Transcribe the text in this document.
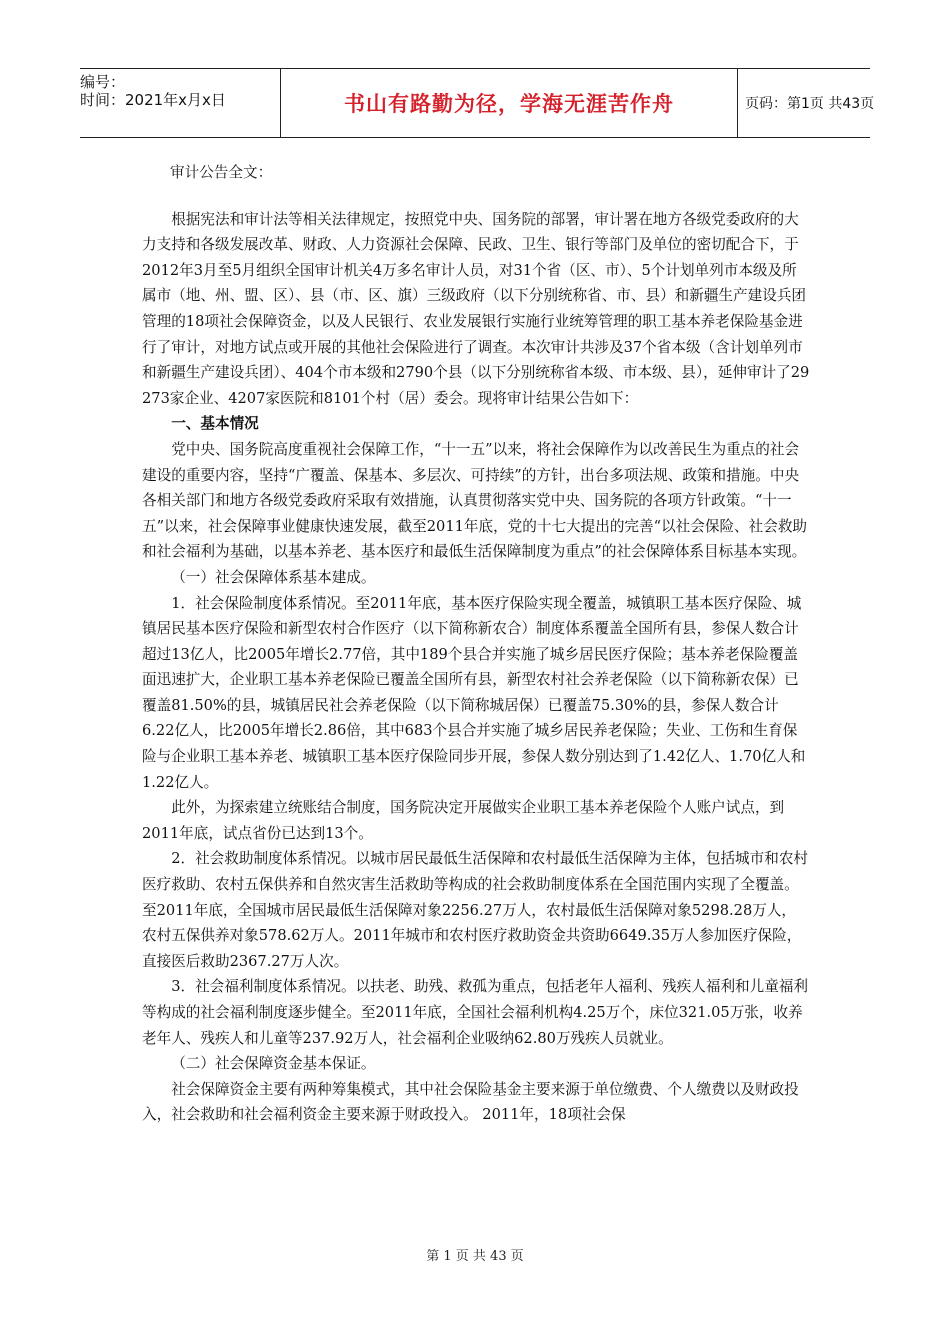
编号：
时间：2021年x月x日	书山有路勤为径，学海无涯苦作舟	页码：第1页 共43页

审计公告全文：

根据宪法和审计法等相关法律规定，按照党中央、国务院的部署，审计署在地方各级党委政府的大力支持和各级发展改革、财政、人力资源社会保障、民政、卫生、银行等部门及单位的密切配合下，于2012年3月至5月组织全国审计机关4万多名审计人员，对31个省（区、市）、5个计划单列市本级及所属市（地、州、盟、区）、县（市、区、旗）三级政府（以下分别统称省、市、县）和新疆生产建设兵团管理的18项社会保障资金，以及人民银行、农业发展银行实施行业统筹管理的职工基本养老保险基金进行了审计，对地方试点或开展的其他社会保险进行了调查。本次审计共涉及37个省本级（含计划单列市和新疆生产建设兵团）、404个市本级和2790个县（以下分别统称省本级、市本级、县），延伸审计了29 273家企业、4207家医院和8101个村（居）委会。现将审计结果公告如下：

一、基本情况

党中央、国务院高度重视社会保障工作，“十一五”以来，将社会保障作为以改善民生为重点的社会建设的重要内容，坚持“广覆盖、保基本、多层次、可持续”的方针，出台多项法规、政策和措施。中央各相关部门和地方各级党委政府采取有效措施，认真贯彻落实党中央、国务院的各项方针政策。“十一五”以来，社会保障事业健康快速发展，截至2011年底，党的十七大提出的完善“以社会保险、社会救助和社会福利为基础，以基本养老、基本医疗和最低生活保障制度为重点”的社会保障体系目标基本实现。

（一）社会保障体系基本建成。

1．社会保险制度体系情况。至2011年底，基本医疗保险实现全覆盖，城镇职工基本医疗保险、城镇居民基本医疗保险和新型农村合作医疗（以下简称新农合）制度体系覆盖全国所有县，参保人数合计超过13亿人，比2005年增长2.77倍，其中189个县合并实施了城乡居民医疗保险；基本养老保险覆盖面迅速扩大，企业职工基本养老保险已覆盖全国所有县，新型农村社会养老保险（以下简称新农保）已覆盖81.50%的县，城镇居民社会养老保险（以下简称城居保）已覆盖75.30%的县，参保人数合计6.22亿人，比2005年增长2.86倍，其中683个县合并实施了城乡居民养老保险；失业、工伤和生育保险与企业职工基本养老、城镇职工基本医疗保险同步开展，参保人数分别达到了1.42亿人、1.70亿人和1.22亿人。

此外，为探索建立统账结合制度，国务院决定开展做实企业职工基本养老保险个人账户试点，到2011年底，试点省份已达到13个。

2．社会救助制度体系情况。以城市居民最低生活保障和农村最低生活保障为主体，包括城市和农村医疗救助、农村五保供养和自然灾害生活救助等构成的社会救助制度体系在全国范围内实现了全覆盖。至2011年底，全国城市居民最低生活保障对象2256.27万人，农村最低生活保障对象5298.28万人，农村五保供养对象578.62万人。2011年城市和农村医疗救助资金共资助6649.35万人参加医疗保险，直接医后救助2367.27万人次。

3．社会福利制度体系情况。以扶老、助残、救孤为重点，包括老年人福利、残疾人福利和儿童福利等构成的社会福利制度逐步健全。至2011年底，全国社会福利机构4.25万个，床位321.05万张，收养老年人、残疾人和儿童等237.92万人，社会福利企业吸纳62.80万残疾人员就业。

（二）社会保障资金基本保证。

社会保障资金主要有两种筹集模式，其中社会保险基金主要来源于单位缴费、个人缴费以及财政投入，社会救助和社会福利资金主要来源于财政投入。 2011年，18项社会保

第 1 页 共 43 页
